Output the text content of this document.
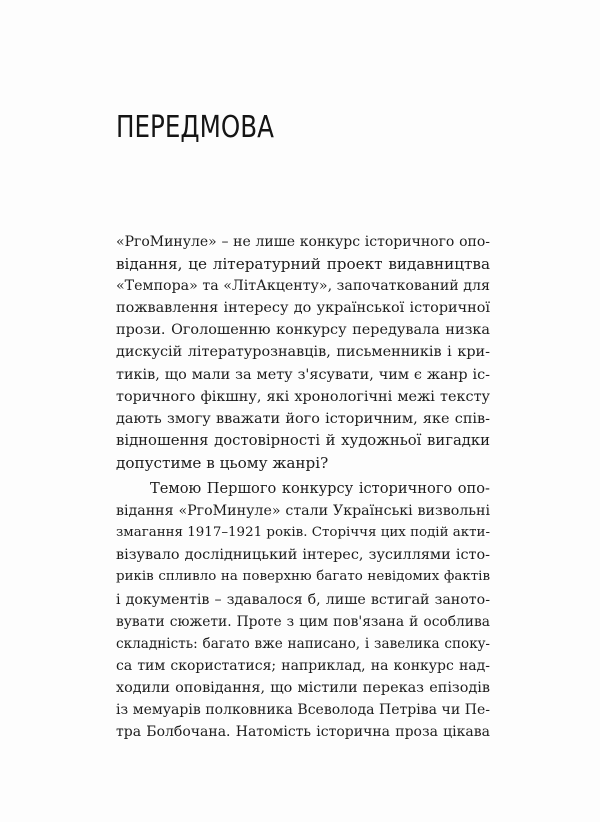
ПЕРЕДМОВА
«PгоМинуле» – не лише конкурс історичного опо-
відання, це літературний проект видавництва
«Темпора» та «ЛітАкценту», започаткований для
пожвавлення інтересу до української історичної
прози. Оголошенню конкурсу передувала низка
дискусій літературознавців, письменників і кри-
тиків, що мали за мету з'ясувати, чим є жанр іс-
торичного фікшну, які хронологічні межі тексту
дають змогу вважати його історичним, яке спів-
відношення достовірності й художньої вигадки
допустиме в цьому жанрі?
Темою Першого конкурсу історичного опо-
відання «PгоМинуле» стали Українські визвольні
змагання 1917–1921 років. Сторіччя цих подій акти-
візувало дослідницький інтерес, зусиллями істо-
риків спливло на поверхню багато невідомих фактів
і документів – здавалося б, лише встигай занoто-
вувати сюжети. Проте з цим пов'язана й особлива
складність: багато вже написано, і завелика спокy-
са тим скористатися; наприклад, на конкурс над-
ходили оповідання, що містили переказ епізодів
із мемуарів полковника Всеволода Петріва чи Пе-
тра Болбочана. Натомість історична проза цікава
